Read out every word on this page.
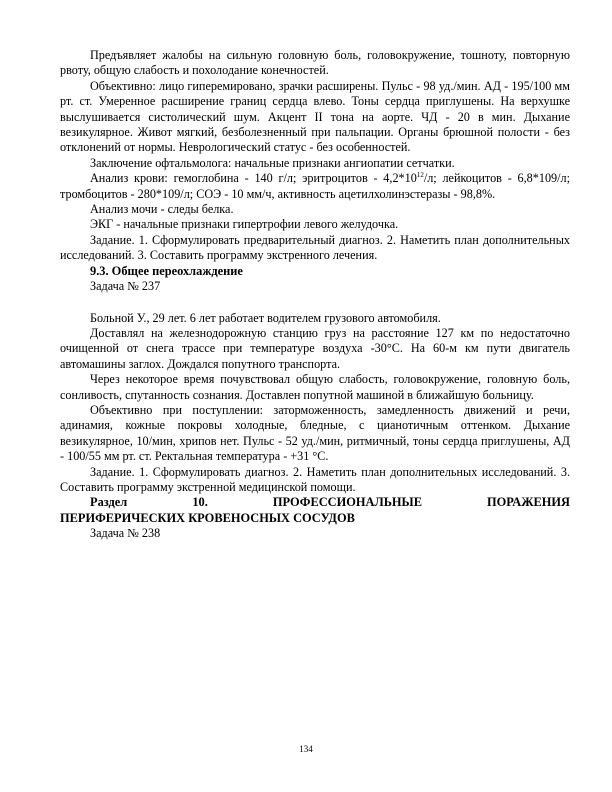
Предъявляет жалобы на сильную головную боль, головокружение, тошноту, повторную рвоту, общую слабость и похолодание конечностей.

Объективно: лицо гиперемировано, зрачки расширены. Пульс - 98 уд./мин. АД - 195/100 мм рт. ст. Умеренное расширение границ сердца влево. Тоны сердца приглушены. На верхушке выслушивается систолический шум. Акцент II тона на аорте. ЧД - 20 в мин. Дыхание везикулярное. Живот мягкий, безболезненный при пальпации. Органы брюшной полости - без отклонений от нормы. Неврологический статус - без особенностей.

Заключение офтальмолога: начальные признаки ангиопатии сетчатки.

Анализ крови: гемоглобина - 140 г/л; эритроцитов - $4,2*10^{12}/л$; лейкоцитов - 6,8*109/л; тромбоцитов - 280*109/л; СОЭ - 10 мм/ч, активность ацетилхолинэстеразы - 98,8%.

Анализ мочи - следы белка.

ЭКГ - начальные признаки гипертрофии левого желудочка.

Задание. 1. Сформулировать предварительный диагноз. 2. Наметить план дополнительных исследований. 3. Составить программу экстренного лечения.

9.3. Общее переохлаждение

Задача № 237

Больной У., 29 лет. 6 лет работает водителем грузового автомобиля.

Доставлял на железнодорожную станцию груз на расстояние 127 км по недостаточно очищенной от снега трассе при температуре воздуха -30°С. На 60-м км пути двигатель автомашины заглох. Дождался попутного транспорта.

Через некоторое время почувствовал общую слабость, головокружение, головную боль, сонливость, спутанность сознания. Доставлен попутной машиной в ближайшую больницу.

Объективно при поступлении: заторможенность, замедленность движений и речи, адинамия, кожные покровы холодные, бледные, с цианотичным оттенком. Дыхание везикулярное, 10/мин, хрипов нет. Пульс - 52 уд./мин, ритмичный, тоны сердца приглушены, АД - 100/55 мм рт. ст. Ректальная температура - +31 °С.

Задание. 1. Сформулировать диагноз. 2. Наметить план дополнительных исследований. 3. Составить программу экстренной медицинской помощи.

Раздел	10.	ПРОФЕССИОНАЛЬНЫЕ	ПОРАЖЕНИЯ
ПЕРИФЕРИЧЕСКИХ КРОВЕНОСНЫХ СОСУДОВ

Задача № 238

134
